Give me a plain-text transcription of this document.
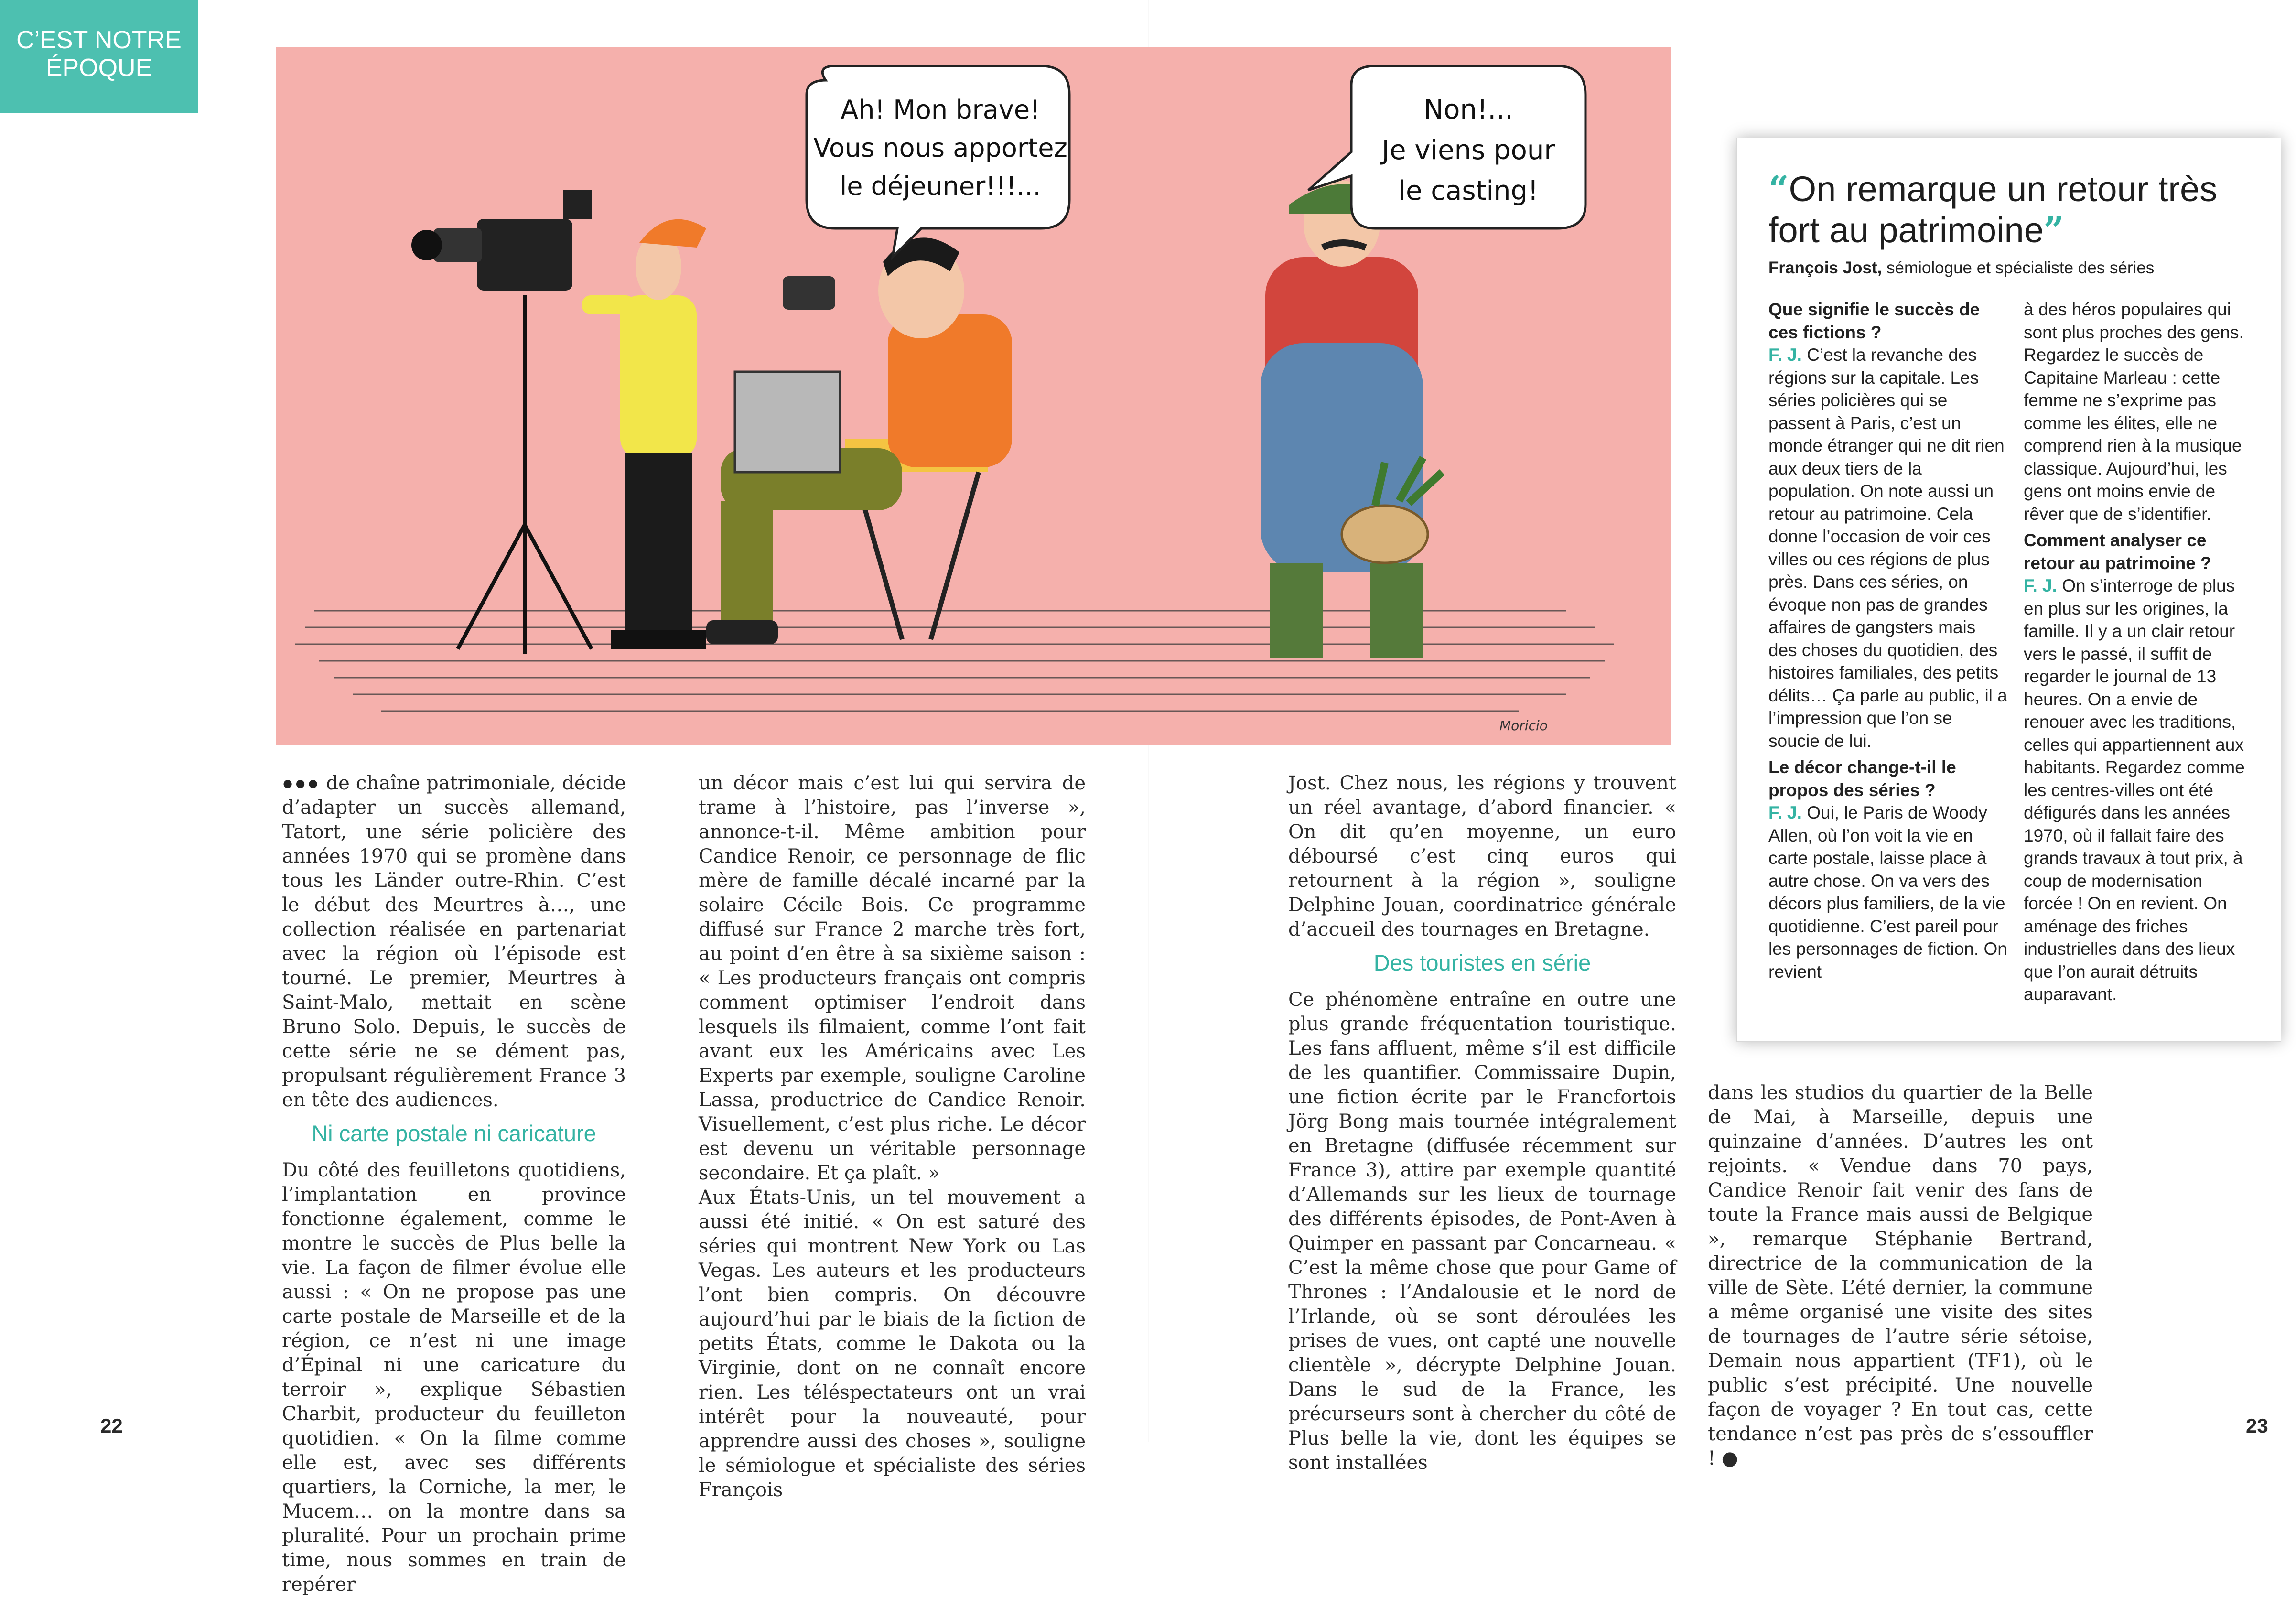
C’EST NOTRE
ÉPOQUE
Ah! Mon brave!
Vous nous apportez
le déjeuner!!!...
Non!...
Je viens pour
le casting!
Moricio

●●● de chaîne patrimoniale, décide d’adapter un succès allemand, Tatort, une série policière des années 1970 qui se promène dans tous les Länder outre-Rhin. C’est le début des Meurtres à…, une collection réalisée en partenariat avec la région où l’épisode est tourné. Le premier, Meurtres à Saint-Malo, mettait en scène Bruno Solo. Depuis, le succès de cette série ne se dément pas, propulsant régulièrement France 3 en tête des audiences.

Ni carte postale ni caricature

Du côté des feuilletons quotidiens, l’implantation en province fonctionne également, comme le montre le succès de Plus belle la vie. La façon de filmer évolue elle aussi : « On ne propose pas une carte postale de Marseille et de la région, ce n’est ni une image d’Épinal ni une caricature du terroir », explique Sébastien Charbit, producteur du feuilleton quotidien. « On la filme comme elle est, avec ses différents quartiers, la Corniche, la mer, le Mucem… on la montre dans sa pluralité. Pour un prochain prime time, nous sommes en train de repérer

un décor mais c’est lui qui servira de trame à l’histoire, pas l’inverse », annonce-t-il. Même ambition pour Candice Renoir, ce personnage de flic mère de famille décalé incarné par la solaire Cécile Bois. Ce programme diffusé sur France 2 marche très fort, au point d’en être à sa sixième saison : « Les producteurs français ont compris comment optimiser l’endroit dans lesquels ils filmaient, comme l’ont fait avant eux les Américains avec Les Experts par exemple, souligne Caroline Lassa, productrice de Candice Renoir. Visuellement, c’est plus riche. Le décor est devenu un véritable personnage secondaire. Et ça plaît. »

Aux États-Unis, un tel mouvement a aussi été initié. « On est saturé des séries qui montrent New York ou Las Vegas. Les auteurs et les producteurs l’ont bien compris. On découvre aujourd’hui par le biais de la fiction de petits États, comme le Dakota ou la Virginie, dont on ne connaît encore rien. Les téléspectateurs ont un vrai intérêt pour la nouveauté, pour apprendre aussi des choses », souligne le sémiologue et spécialiste des séries François

Jost. Chez nous, les régions y trouvent un réel avantage, d’abord financier. « On dit qu’en moyenne, un euro déboursé c’est cinq euros qui retournent à la région », souligne Delphine Jouan, coordinatrice générale d’accueil des tournages en Bretagne.

Des touristes en série

Ce phénomène entraîne en outre une plus grande fréquentation touristique. Les fans affluent, même s’il est difficile de les quantifier. Commissaire Dupin, une fiction écrite par le Francfortois Jörg Bong mais tournée intégralement en Bretagne (diffusée récemment sur France 3), attire par exemple quantité d’Allemands sur les lieux de tournage des différents épisodes, de Pont-Aven à Quimper en passant par Concarneau. « C’est la même chose que pour Game of Thrones : l’Andalousie et le nord de l’Irlande, où se sont déroulées les prises de vues, ont capté une nouvelle clientèle », décrypte Delphine Jouan. Dans le sud de la France, les précurseurs sont à chercher du côté de Plus belle la vie, dont les équipes se sont installées

dans les studios du quartier de la Belle de Mai, à Marseille, depuis une quinzaine d’années. D’autres les ont rejoints. « Vendue dans 70 pays, Candice Renoir fait venir des fans de toute la France mais aussi de Belgique », remarque Stéphanie Bertrand, directrice de la communication de la ville de Sète. L’été dernier, la commune a même organisé une visite des sites de tournages de l’autre série sétoise, Demain nous appartient (TF1), où le public s’est précipité. Une nouvelle façon de voyager ? En tout cas, cette tendance n’est pas près de s’essouffler ! ●

“On remarque un retour très fort au patrimoine”
François Jost, sémiologue et spécialiste des séries

Que signifie le succès de ces fictions ?

F. J. C’est la revanche des régions sur la capitale. Les séries policières qui se passent à Paris, c’est un monde étranger qui ne dit rien aux deux tiers de la population. On note aussi un retour au patrimoine. Cela donne l’occasion de voir ces villes ou ces régions de plus près. Dans ces séries, on évoque non pas de grandes affaires de gangsters mais des choses du quotidien, des histoires familiales, des petits délits… Ça parle au public, il a l’impression que l’on se soucie de lui.

Le décor change-t-il le propos des séries ?

F. J. Oui, le Paris de Woody Allen, où l’on voit la vie en carte postale, laisse place à autre chose. On va vers des décors plus familiers, de la vie quotidienne. C’est pareil pour les personnages de fiction. On revient

à des héros populaires qui sont plus proches des gens. Regardez le succès de Capitaine Marleau : cette femme ne s’exprime pas comme les élites, elle ne comprend rien à la musique classique. Aujourd’hui, les gens ont moins envie de rêver que de s’identifier.

Comment analyser ce retour au patrimoine ?

F. J. On s’interroge de plus en plus sur les origines, la famille. Il y a un clair retour vers le passé, il suffit de regarder le journal de 13 heures. On a envie de renouer avec les traditions, celles qui appartiennent aux habitants. Regardez comme les centres-villes ont été défigurés dans les années 1970, où il fallait faire des grands travaux à tout prix, à coup de modernisation forcée ! On en revient. On aménage des friches industrielles dans des lieux que l’on aurait détruits auparavant.

22	23
